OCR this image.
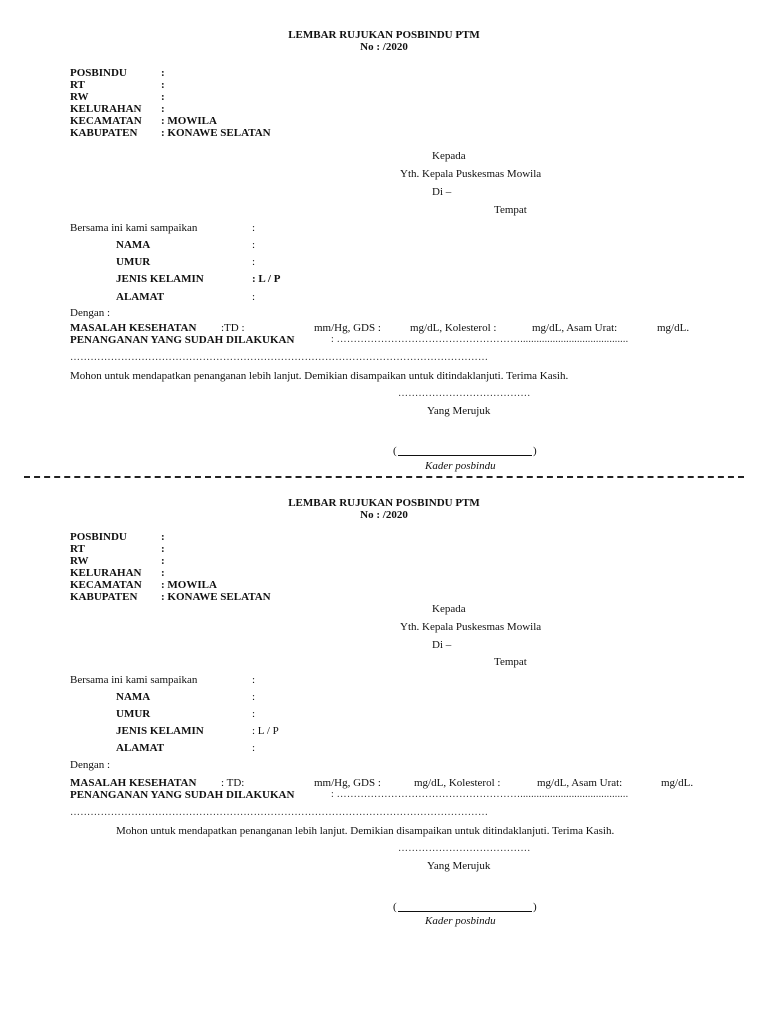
LEMBAR RUJUKAN POSBINDU PTM
No : /2020
POSBINDU	:
RT	:
RW	:
KELURAHAN :
KECAMATAN : MOWILA
KABUPATEN : KONAWE SELATAN
Kepada
Yth. Kepala Puskesmas Mowila
Di –
Tempat
Bersama ini kami sampaikan	:
NAMA	:
UMUR	:
JENIS KELAMIN	: L / P
ALAMAT	:
Dengan :
MASALAH KESEHATAN :TD :	mm/Hg, GDS :	mg/dL, Kolesterol :	mg/dL, Asam Urat:	mg/dL.
PENANGANAN YANG SUDAH DILAKUKAN	: ………………………………………………........................................
……………………………………………………………………………………………………………
Mohon untuk mendapatkan penanganan lebih lanjut. Demikian disampaikan untuk ditindaklanjuti. Terima Kasih.
…………………………………
Yang Merujuk
(	)
Kader posbindu
LEMBAR RUJUKAN POSBINDU PTM
No : /2020
POSBINDU	:
RT	:
RW	:
KELURAHAN :
KECAMATAN : MOWILA
KABUPATEN : KONAWE SELATAN
Kepada
Yth. Kepala Puskesmas Mowila
Di –
Tempat
Bersama ini kami sampaikan	:
NAMA	:
UMUR	:
JENIS KELAMIN	: L / P
ALAMAT	:
Dengan :
MASALAH KESEHATAN : TD:	mm/Hg, GDS :	mg/dL, Kolesterol :	mg/dL, Asam Urat:	mg/dL.
PENANGANAN YANG SUDAH DILAKUKAN	: ………………………………………………........................................
……………………………………………………………………………………………………………
Mohon untuk mendapatkan penanganan lebih lanjut. Demikian disampaikan untuk ditindaklanjuti. Terima Kasih.
…………………………………
Yang Merujuk
(	)
Kader posbindu
